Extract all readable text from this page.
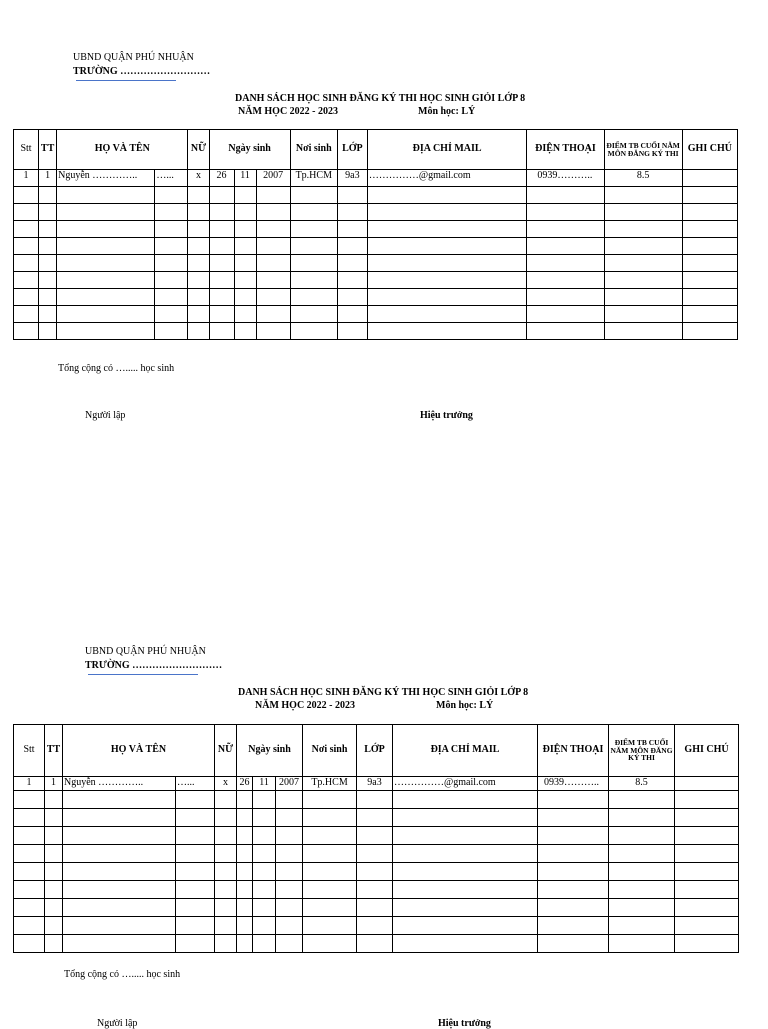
UBND QUẬN PHÚ NHUẬN
TRƯỜNG ………………………
DANH SÁCH HỌC SINH ĐĂNG KÝ THI HỌC SINH GIỎI LỚP 8
NĂM HỌC 2022 - 2023	Môn học: LÝ
Stt	TT	HỌ VÀ TÊN		NỮ	Ngày sinh			Nơi sinh	LỚP	ĐỊA CHỈ MAIL	ĐIỆN THOẠI	ĐIỂM TB CUỐI NĂM MÔN ĐĂNG KÝ THI	GHI CHÚ
1	1	Nguyễn …………..	…...	x	26	11	2007	Tp.HCM	9a3	……………@gmail.com	0939………..	8.5	

Tổng cộng có …..... học sinh
Người lập	Hiệu trưởng
UBND QUẬN PHÚ NHUẬN
TRƯỜNG ………………………
DANH SÁCH HỌC SINH ĐĂNG KÝ THI HỌC SINH GIỎI LỚP 8
NĂM HỌC 2022 - 2023	Môn học: LÝ
Stt	TT	HỌ VÀ TÊN		NỮ	Ngày sinh			Nơi sinh	LỚP	ĐỊA CHỈ MAIL	ĐIỆN THOẠI	ĐIỂM TB CUỐI NĂM MÔN ĐĂNG KÝ THI	GHI CHÚ
1	1	Nguyễn …………..	…...	x	26	11	2007	Tp.HCM	9a3	……………@gmail.com	0939………..	8.5	

Tổng cộng có …..... học sinh
Người lập	Hiệu trưởng
